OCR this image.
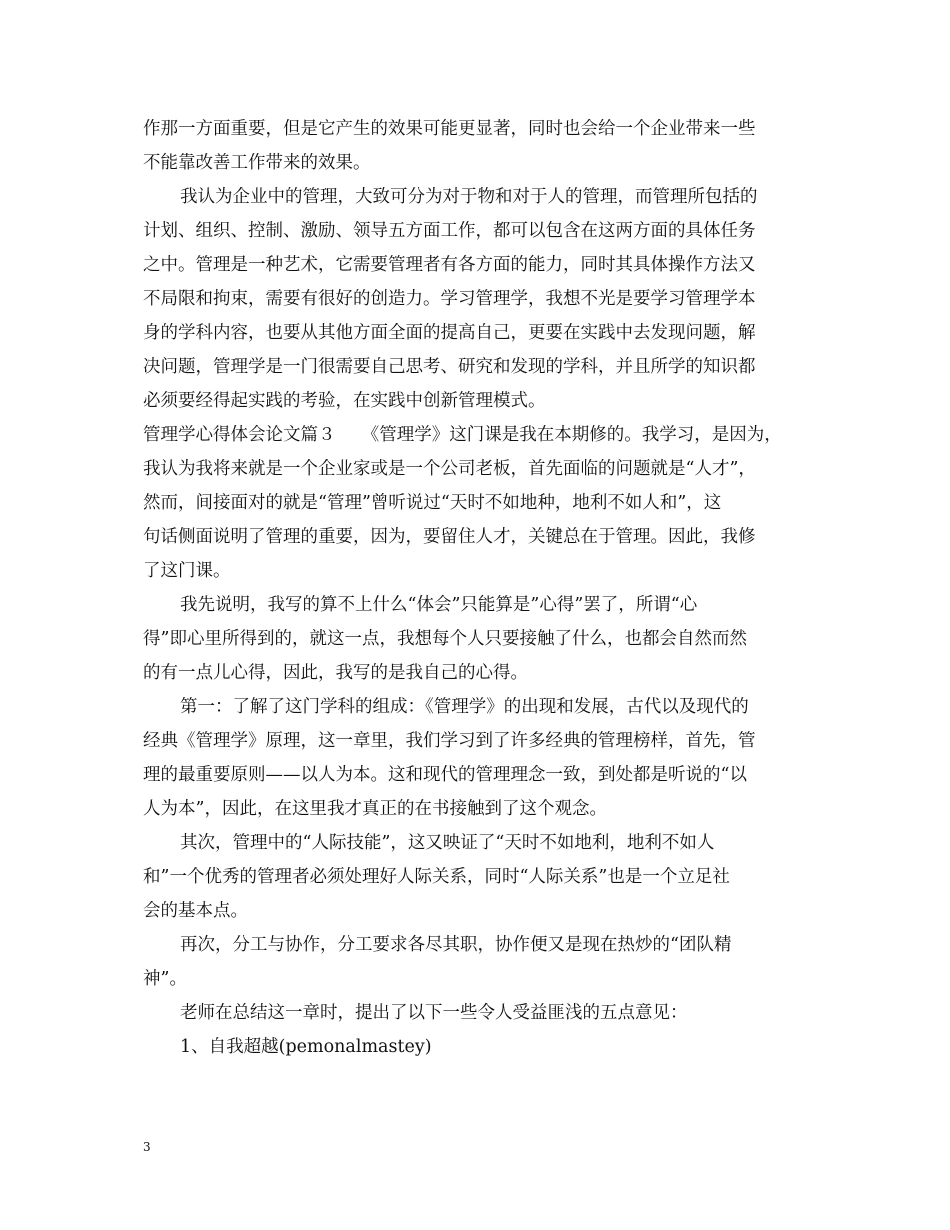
作那一方面重要，但是它产生的效果可能更显著，同时也会给一个企业带来一些
不能靠改善工作带来的效果。
我认为企业中的管理，大致可分为对于物和对于人的管理，而管理所包括的
计划、组织、控制、激励、领导五方面工作，都可以包含在这两方面的具体任务
之中。管理是一种艺术，它需要管理者有各方面的能力，同时其具体操作方法又
不局限和拘束，需要有很好的创造力。学习管理学，我想不光是要学习管理学本
身的学科内容，也要从其他方面全面的提高自己，更要在实践中去发现问题，解
决问题，管理学是一门很需要自己思考、研究和发现的学科，并且所学的知识都
必须要经得起实践的考验，在实践中创新管理模式。
管理学心得体会论文篇３　　《管理学》这门课是我在本期修的。我学习，是因为，
我认为我将来就是一个企业家或是一个公司老板，首先面临的问题就是“人才”，
然而，间接面对的就是“管理”曾听说过“天时不如地种，地利不如人和”，这
句话侧面说明了管理的重要，因为，要留住人才，关键总在于管理。因此，我修
了这门课。
我先说明，我写的算不上什么“体会”只能算是”心得”罢了，所谓“心
得”即心里所得到的，就这一点，我想每个人只要接触了什么，也都会自然而然
的有一点儿心得，因此，我写的是我自己的心得。
第一：了解了这门学科的组成：《管理学》的出现和发展，古代以及现代的
经典《管理学》原理，这一章里，我们学习到了许多经典的管理榜样，首先，管
理的最重要原则——以人为本。这和现代的管理理念一致，到处都是听说的“以
人为本”，因此，在这里我才真正的在书接触到了这个观念。
其次，管理中的“人际技能”，这又映证了“天时不如地利，地利不如人
和”一个优秀的管理者必须处理好人际关系，同时“人际关系”也是一个立足社
会的基本点。
再次，分工与协作，分工要求各尽其职，协作便又是现在热炒的“团队精
神”。
老师在总结这一章时，提出了以下一些令人受益匪浅的五点意见：
1、自我超越(pemonalmastey)
3
